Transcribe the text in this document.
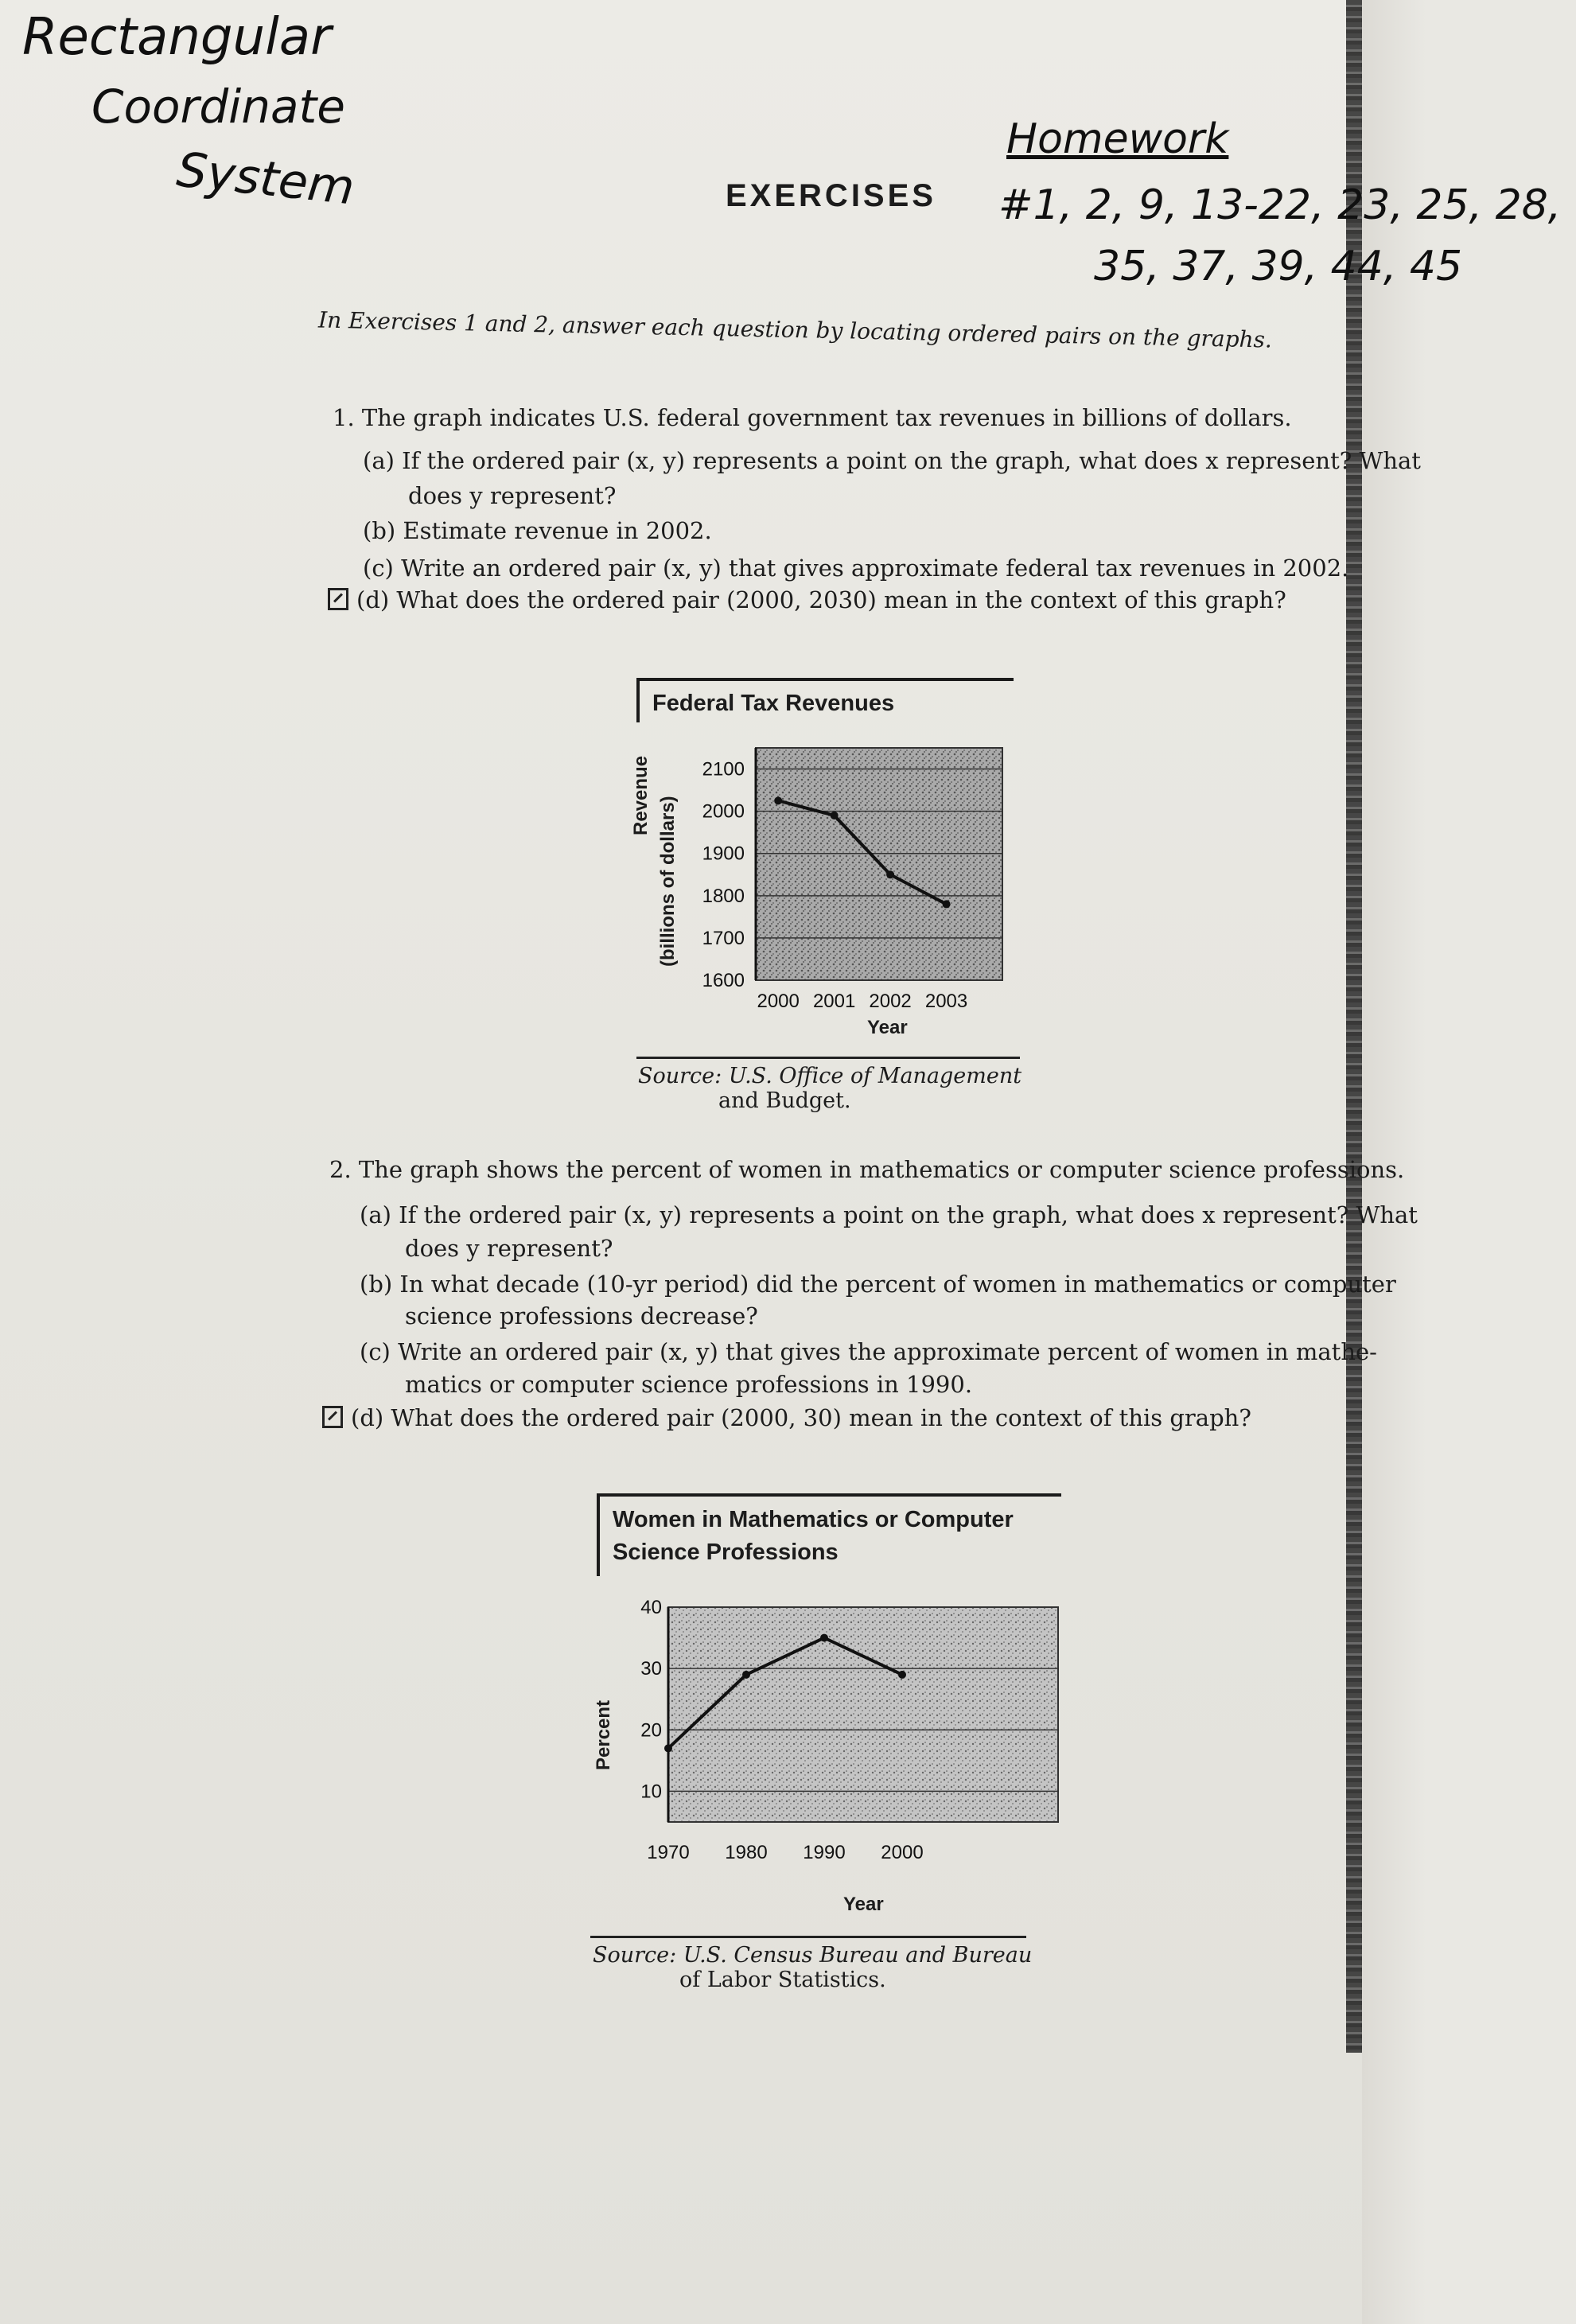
Rectangular
Coordinate
System
Homework
#1, 2, 9, 13-22, 23, 25, 28,
35, 37, 39, 44, 45
EXERCISES
In Exercises 1 and 2, answer each question by locating ordered pairs on the graphs.
1. The graph indicates U.S. federal government tax revenues in billions of dollars.
(a) If the ordered pair (x, y) represents a point on the graph, what does x represent? What
does y represent?
(b) Estimate revenue in 2002.
(c) Write an ordered pair (x, y) that gives approximate federal tax revenues in 2002.
(d) What does the ordered pair (2000, 2030) mean in the context of this graph?
Federal Tax Revenues
Revenue
(billions of dollars)
Year
1600
1700
1800
1900
2000
2100
2000 2001 2002 2003
Source: U.S. Office of Management
and Budget.
2. The graph shows the percent of women in mathematics or computer science professions.
(a) If the ordered pair (x, y) represents a point on the graph, what does x represent? What
does y represent?
(b) In what decade (10-yr period) did the percent of women in mathematics or computer
science professions decrease?
(c) Write an ordered pair (x, y) that gives the approximate percent of women in mathe-
matics or computer science professions in 1990.
(d) What does the ordered pair (2000, 30) mean in the context of this graph?
Women in Mathematics or Computer
Science Professions
Percent
Year
10
20
30
40
1970 1980 1990 2000
Source: U.S. Census Bureau and Bureau
of Labor Statistics.
